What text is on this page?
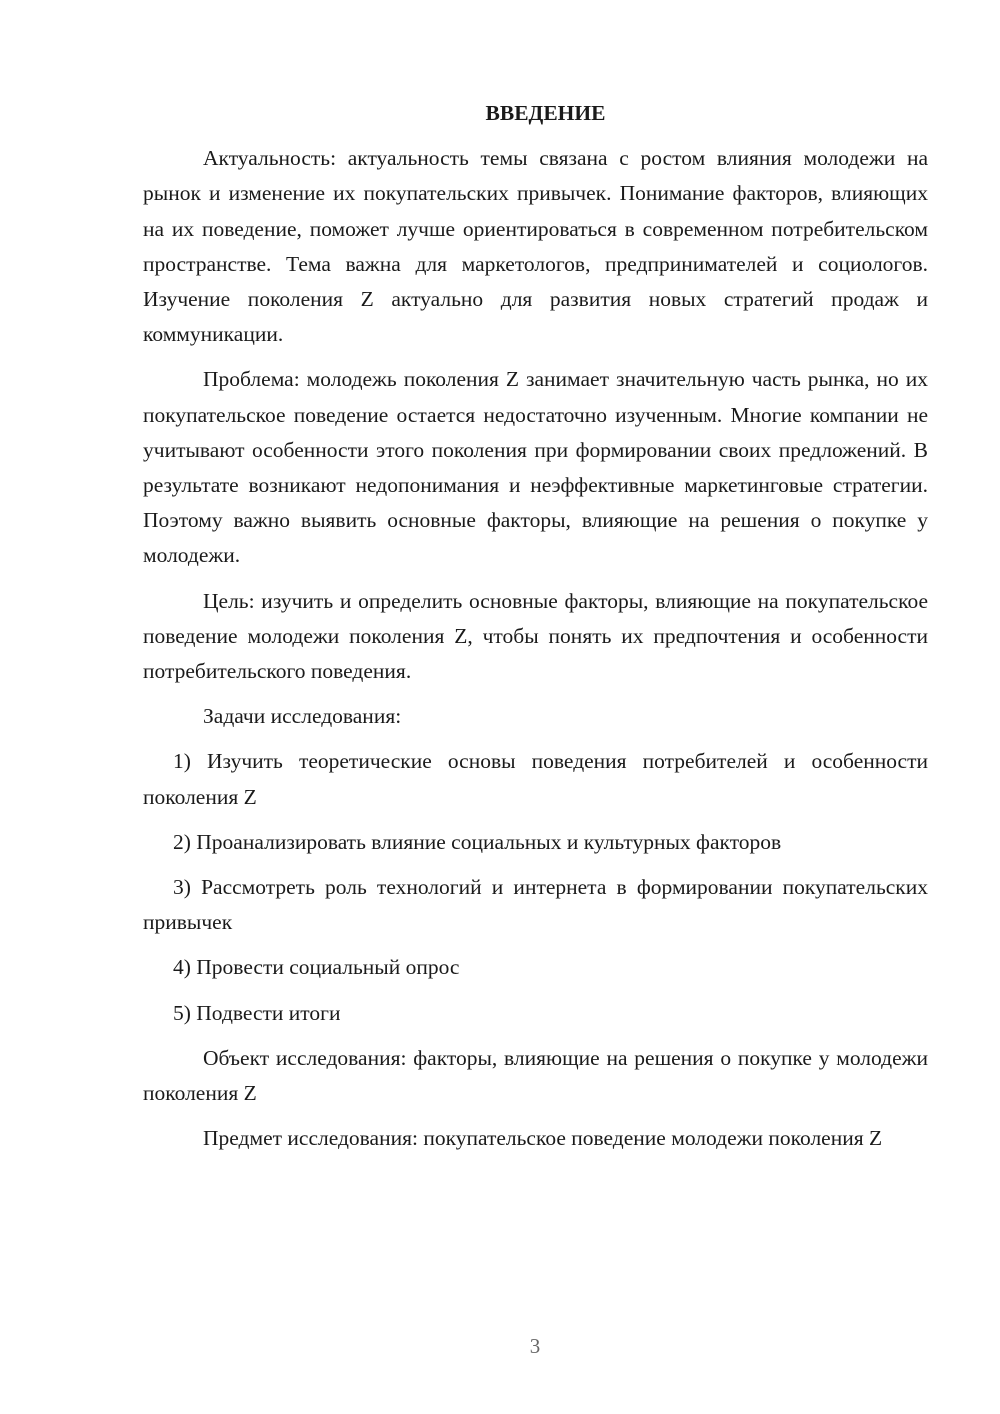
ВВЕДЕНИЕ

Актуальность: актуальность темы связана с ростом влияния молодежи на рынок и изменение их покупательских привычек. Понимание факторов, влияющих на их поведение, поможет лучше ориентироваться в современном потребительском пространстве. Тема важна для маркетологов, предпринимателей и социологов. Изучение поколения Z актуально для развития новых стратегий продаж и коммуникации.

Проблема: молодежь поколения Z занимает значительную часть рынка, но их покупательское поведение остается недостаточно изученным. Многие компании не учитывают особенности этого поколения при формировании своих предложений. В результате возникают недопонимания и неэффективные маркетинговые стратегии. Поэтому важно выявить основные факторы, влияющие на решения о покупке у молодежи.

Цель: изучить и определить основные факторы, влияющие на покупательское поведение молодежи поколения Z, чтобы понять их предпочтения и особенности потребительского поведения.

Задачи исследования:

1) Изучить теоретические основы поведения потребителей и особенности поколения Z

2) Проанализировать влияние социальных и культурных факторов

3) Рассмотреть роль технологий и интернета в формировании покупательских привычек

4) Провести социальный опрос

5) Подвести итоги

Объект исследования: факторы, влияющие на решения о покупке у молодежи поколения Z

Предмет исследования: покупательское поведение молодежи поколения Z

3
